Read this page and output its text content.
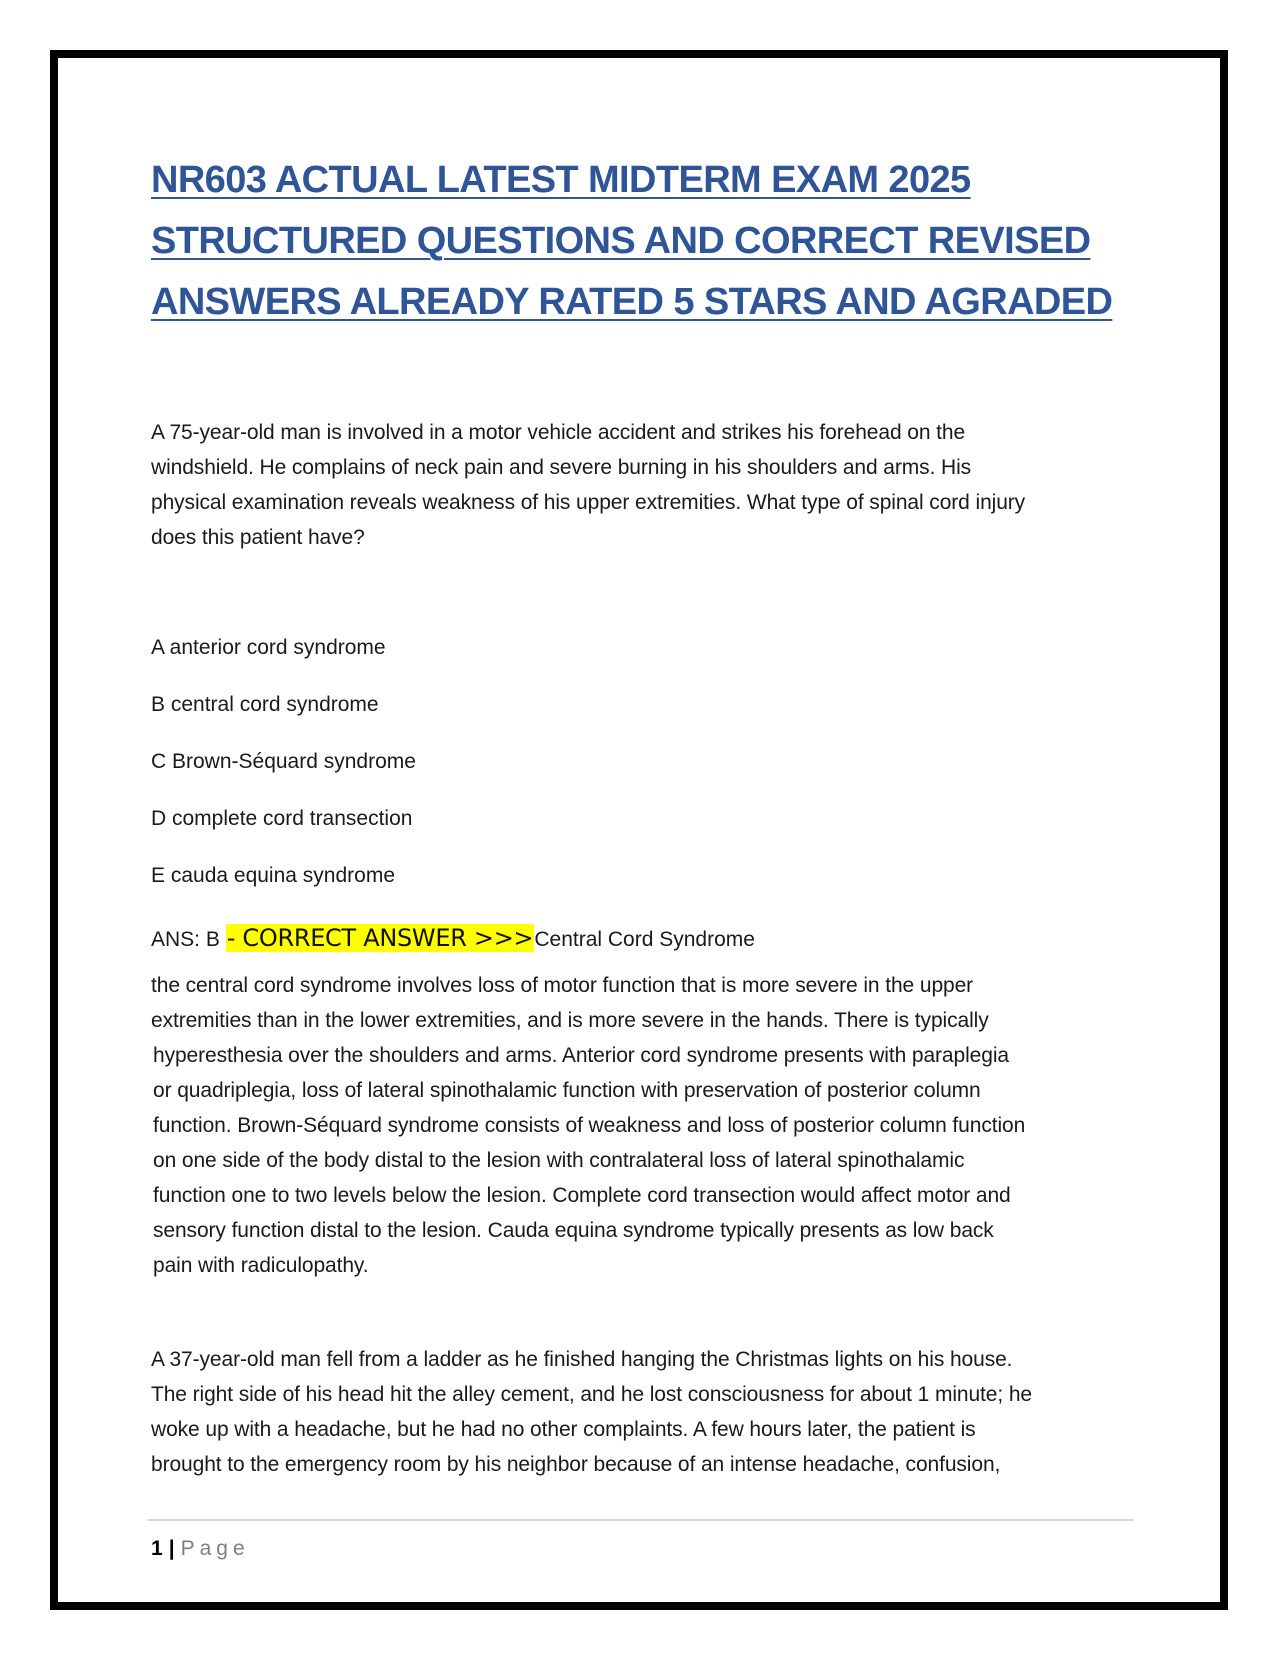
NR603 ACTUAL LATEST MIDTERM EXAM 2025
STRUCTURED QUESTIONS AND CORRECT REVISED
ANSWERS ALREADY RATED 5 STARS AND AGRADED

A 75-year-old man is involved in a motor vehicle accident and strikes his forehead on the
windshield. He complains of neck pain and severe burning in his shoulders and arms. His
physical examination reveals weakness of his upper extremities. What type of spinal cord injury
does this patient have?

A anterior cord syndrome

B central cord syndrome

C Brown-Séquard syndrome

D complete cord transection

E cauda equina syndrome

ANS: B - CORRECT ANSWER >>>Central Cord Syndrome

the central cord syndrome involves loss of motor function that is more severe in the upper
extremities than in the lower extremities, and is more severe in the hands. There is typically
hyperesthesia over the shoulders and arms. Anterior cord syndrome presents with paraplegia
or quadriplegia, loss of lateral spinothalamic function with preservation of posterior column
function. Brown-Séquard syndrome consists of weakness and loss of posterior column function
on one side of the body distal to the lesion with contralateral loss of lateral spinothalamic
function one to two levels below the lesion. Complete cord transection would affect motor and
sensory function distal to the lesion. Cauda equina syndrome typically presents as low back
pain with radiculopathy.

A 37-year-old man fell from a ladder as he finished hanging the Christmas lights on his house.
The right side of his head hit the alley cement, and he lost consciousness for about 1 minute; he
woke up with a headache, but he had no other complaints. A few hours later, the patient is
brought to the emergency room by his neighbor because of an intense headache, confusion,

1 | Page
